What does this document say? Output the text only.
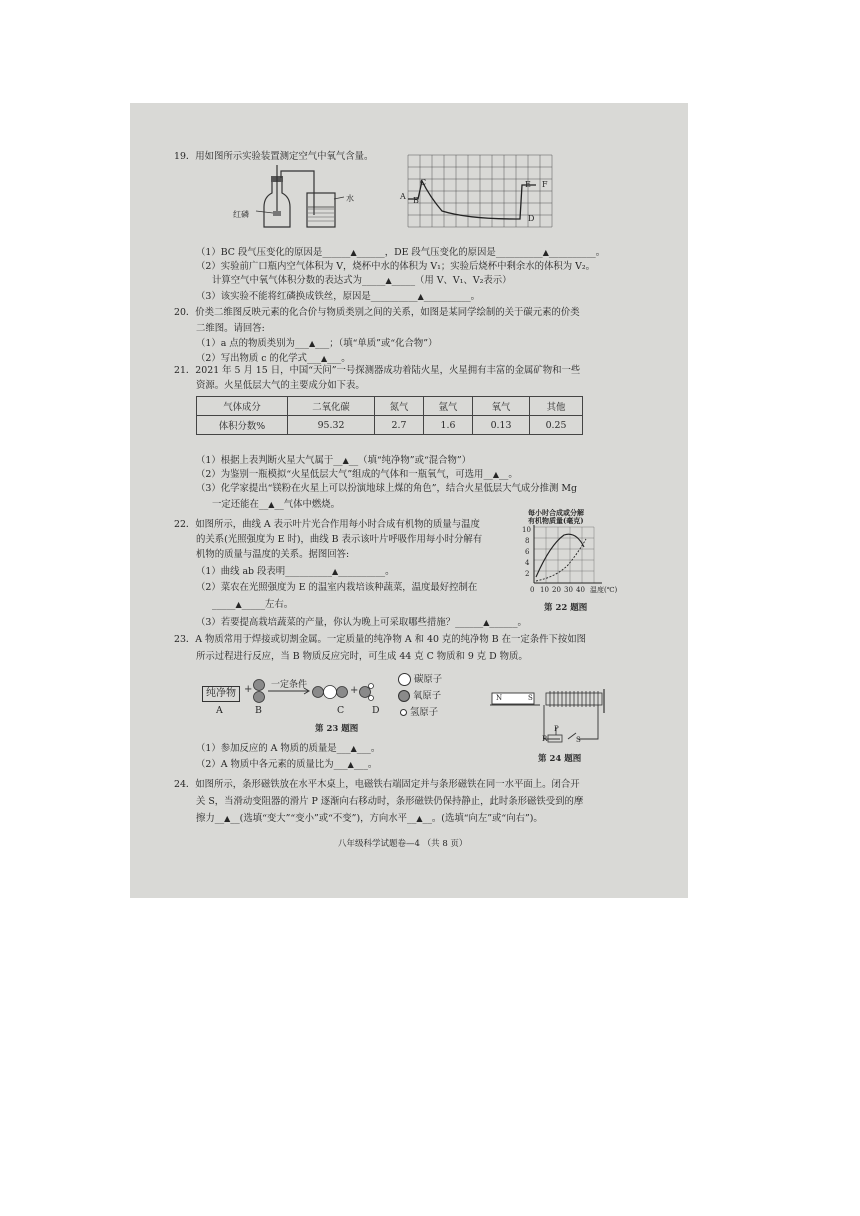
19．用如图所示实验装置测定空气中氧气含量。
红磷
水	A B
C
D
E F
（1）BC 段气压变化的原因是______▲______，DE 段气压变化的原因是__________▲__________。
（2）实验前广口瓶内空气体积为 V，烧杯中水的体积为 V₁；实验后烧杯中剩余水的体积为 V₂。
计算空气中氧气体积分数的表达式为_____▲_____（用 V、V₁、V₂表示）
（3）该实验不能将红磷换成铁丝，原因是__________▲__________。
20．价类二维图反映元素的化合价与物质类别之间的关系，如图是某同学绘制的关于碳元素的价类
二维图。请回答:
（1）a 点的物质类别为___▲___；（填“单质”或“化合物”）
（2）写出物质 c 的化学式___▲___。
21．2021 年 5 月 15 日，中国“天问”一号探测器成功着陆火星，火星拥有丰富的金属矿物和一些
资源。火星低层大气的主要成分如下表。
气体成分	二氧化碳	氮气	氩气	氧气	其他
体积分数%	95.32	2.7	1.6	0.13	0.25
（1）根据上表判断火星大气属于__▲__（填“纯净物”或“混合物”）
（2）为鉴别一瓶模拟“火星低层大气”组成的气体和一瓶氧气，可选用__▲__。
（3）化学家提出“镁粉在火星上可以扮演地球上煤的角色”，结合火星低层大气成分推测 Mg
一定还能在__▲__气体中燃烧。
22．如图所示，曲线 A 表示叶片光合作用每小时合成有机物的质量与温度
的关系(光照强度为 E 时)，曲线 B 表示该叶片呼吸作用每小时分解有
机物的质量与温度的关系。据图回答:
（1）曲线 ab 段表明__________▲__________。
（2）菜农在光照强度为 E 的温室内栽培该种蔬菜，温度最好控制在
_____▲_____左右。
每小时合成或分解
有机物质量(毫克)
10
8
6
4
2
0 10 20 30 40 温度(℃)
第 22 题图
（3）若要提高栽培蔬菜的产量，你认为晚上可采取哪些措施？______▲______。
23．A 物质常用于焊接或切割金属。一定质量的纯净物 A 和 40 克的纯净物 B 在一定条件下按如图
所示过程进行反应，当 B 物质反应完时，可生成 44 克 C 物质和 9 克 D 物质。
纯净物 +	+
一定条件
A	B	C	D
碳原子
氧原子
氢原子
第 23 题图
N	S
P
R	S
第 24 题图
（1）参加反应的 A 物质的质量是___▲___。
（2）A 物质中各元素的质量比为___▲___。
24．如图所示，条形磁铁放在水平木桌上，电磁铁右端固定并与条形磁铁在同一水平面上。闭合开
关 S，当滑动变阻器的滑片 P 逐渐向右移动时，条形磁铁仍保持静止，此时条形磁铁受到的摩
擦力__▲__(选填“变大”“变小”或“不变”)，方向水平__▲__。(选填“向左”或“向右”)。
八年级科学试题卷—4 （共 8 页）
